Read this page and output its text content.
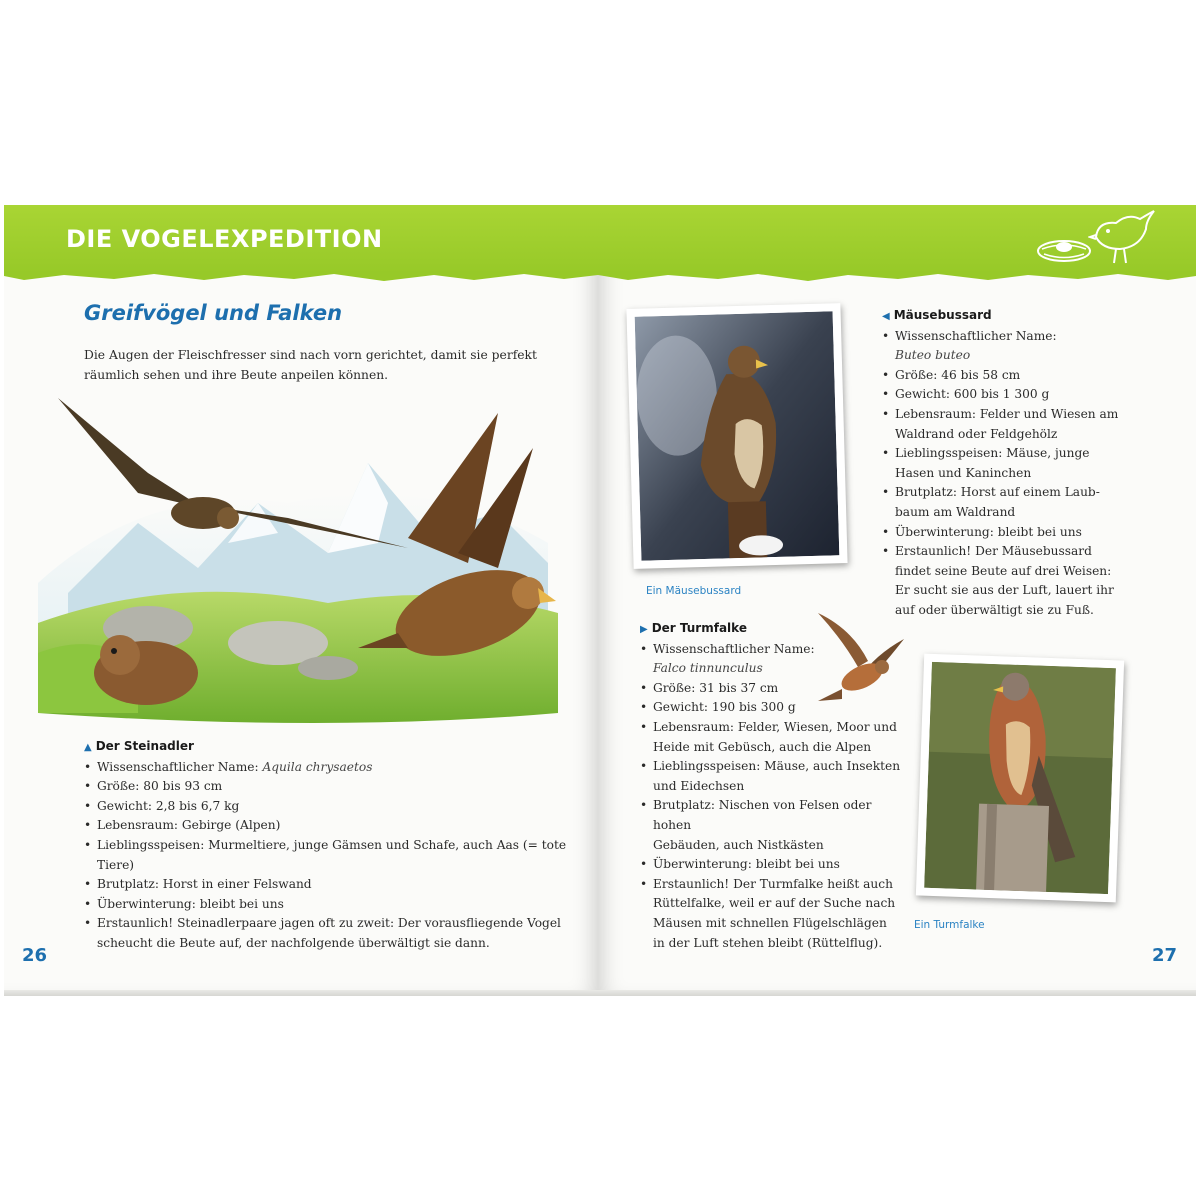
DIE VOGELEXPEDITION
Greifvögel und Falken

Die Augen der Fleischfresser sind nach vorn gerichtet, damit sie perfekt räumlich sehen und ihre Beute anpeilen können.

▲ Der Steinadler
• Wissenschaftlicher Name: Aquila chrysaetos
• Größe: 80 bis 93 cm
• Gewicht: 2,8 bis 6,7 kg
• Lebensraum: Gebirge (Alpen)
• Lieblingsspeisen: Murmeltiere, junge Gämsen und Schafe, auch Aas (= tote Tiere)
• Brutplatz: Horst in einer Felswand
• Überwinterung: bleibt bei uns
• Erstaunlich! Steinadlerpaare jagen oft zu zweit: Der vorausfliegende Vogel scheucht die Beute auf, der nachfolgende überwältigt sie dann.
26
Ein Mäusebussard
◀ Mäusebussard
• Wissenschaftlicher Name:
Buteo buteo
• Größe: 46 bis 58 cm
• Gewicht: 600 bis 1 300 g
• Lebensraum: Felder und Wiesen am
Waldrand oder Feldgehölz
• Lieblingsspeisen: Mäuse, junge
Hasen und Kaninchen
• Brutplatz: Horst auf einem Laub-
baum am Waldrand
• Überwinterung: bleibt bei uns
• Erstaunlich! Der Mäusebussard
findet seine Beute auf drei Weisen:
Er sucht sie aus der Luft, lauert ihr
auf oder überwältigt sie zu Fuß.
▶ Der Turmfalke
• Wissenschaftlicher Name:
Falco tinnunculus
• Größe: 31 bis 37 cm
• Gewicht: 190 bis 300 g
• Lebensraum: Felder, Wiesen, Moor und
Heide mit Gebüsch, auch die Alpen
• Lieblingsspeisen: Mäuse, auch Insekten
und Eidechsen
• Brutplatz: Nischen von Felsen oder hohen
Gebäuden, auch Nistkästen
• Überwinterung: bleibt bei uns
• Erstaunlich! Der Turmfalke heißt auch
Rüttelfalke, weil er auf der Suche nach
Mäusen mit schnellen Flügelschlägen
in der Luft stehen bleibt (Rüttelflug).
Ein Turmfalke
27
